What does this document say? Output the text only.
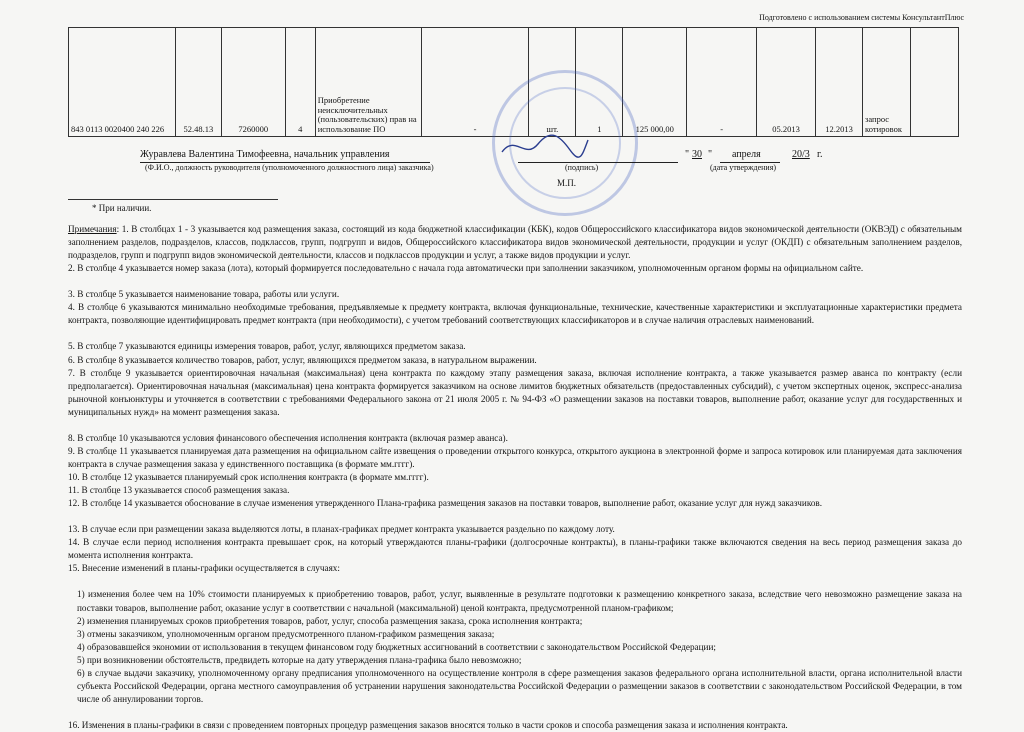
Подготовлено с использованием системы КонсультантПлюс
843 0113 0020400 240 226	52.48.13	7260000	4	Приобретение неисключительных (пользовательских) прав на использование ПО	-	шт.	1	125 000,00	-	05.2013	12.2013	запрос котировок	
Журавлева Валентина Тимофеевна, начальник управления	" 30 " апреля	20/3 г.
(Ф.И.О., должность руководителя (уполномоченного должностного лица) заказчика)	(подпись)	(дата утверждения)
М.П.
* При наличии.

Примечания: 1. В столбцах 1 - 3 указывается код размещения заказа, состоящий из кода бюджетной классификации (КБК), кодов Общероссийского классификатора видов экономической деятельности (ОКВЭД) с обязательным заполнением разделов, подразделов, классов, подклассов, групп, подгрупп и видов, Общероссийского классификатора видов экономической деятельности, продукции и услуг (ОКДП) с обязательным заполнением разделов, подразделов, групп и подгрупп видов экономической деятельности, классов и подклассов продукции и услуг, а также видов продукции и услуг.

2. В столбце 4 указывается номер заказа (лота), который формируется последовательно с начала года автоматически при заполнении заказчиком, уполномоченным органом формы на официальном сайте.

3. В столбце 5 указывается наименование товара, работы или услуги.

4. В столбце 6 указываются минимально необходимые требования, предъявляемые к предмету контракта, включая функциональные, технические, качественные характеристики и эксплуатационные характеристики предмета контракта, позволяющие идентифицировать предмет контракта (при необходимости), с учетом требований соответствующих классификаторов и в случае наличия отраслевых наименований.

5. В столбце 7 указываются единицы измерения товаров, работ, услуг, являющихся предметом заказа.

6. В столбце 8 указывается количество товаров, работ, услуг, являющихся предметом заказа, в натуральном выражении.

7. В столбце 9 указывается ориентировочная начальная (максимальная) цена контракта по каждому этапу размещения заказа, включая исполнение контракта, а также указывается размер аванса по контракту (если предполагается). Ориентировочная начальная (максимальная) цена контракта формируется заказчиком на основе лимитов бюджетных обязательств (предоставленных субсидий), с учетом экспертных оценок, экспресс-анализа рыночной конъюнктуры и уточняется в соответствии с требованиями Федерального закона от 21 июля 2005 г. № 94-ФЗ «О размещении заказов на поставки товаров, выполнение работ, оказание услуг для государственных и муниципальных нужд» на момент размещения заказа.

8. В столбце 10 указываются условия финансового обеспечения исполнения контракта (включая размер аванса).

9. В столбце 11 указывается планируемая дата размещения на официальном сайте извещения о проведении открытого конкурса, открытого аукциона в электронной форме и запроса котировок или планируемая дата заключения контракта в случае размещения заказа у единственного поставщика (в формате мм.гггг).

10. В столбце 12 указывается планируемый срок исполнения контракта (в формате мм.гггг).

11. В столбце 13 указывается способ размещения заказа.

12. В столбце 14 указывается обоснование в случае изменения утвержденного Плана-графика размещения заказов на поставки товаров, выполнение работ, оказание услуг для нужд заказчиков.

13. В случае если при размещении заказа выделяются лоты, в планах-графиках предмет контракта указывается раздельно по каждому лоту.

14. В случае если период исполнения контракта превышает срок, на который утверждаются планы-графики (долгосрочные контракты), в планы-графики также включаются сведения на весь период размещения заказа до момента исполнения контракта.

15. Внесение изменений в планы-графики осуществляется в случаях:

1) изменения более чем на 10% стоимости планируемых к приобретению товаров, работ, услуг, выявленные в результате подготовки к размещению конкретного заказа, вследствие чего невозможно размещение заказа на поставки товаров, выполнение работ, оказание услуг в соответствии с начальной (максимальной) ценой контракта, предусмотренной планом-графиком;

2) изменения планируемых сроков приобретения товаров, работ, услуг, способа размещения заказа, срока исполнения контракта;

3) отмены заказчиком, уполномоченным органом предусмотренного планом-графиком размещения заказа;

4) образовавшейся экономии от использования в текущем финансовом году бюджетных ассигнований в соответствии с законодательством Российской Федерации;

5) при возникновении обстоятельств, предвидеть которые на дату утверждения плана-графика было невозможно;

6) в случае выдачи заказчику, уполномоченному органу предписания уполномоченного на осуществление контроля в сфере размещения заказов федерального органа исполнительной власти, органа исполнительной власти субъекта Российской Федерации, органа местного самоуправления об устранении нарушения законодательства Российской Федерации о размещении заказов в соответствии с законодательством Российской Федерации, в том числе об аннулировании торгов.

16. Изменения в планы-графики в связи с проведением повторных процедур размещения заказов вносятся только в части сроков и способа размещения заказа и исполнения контракта.
